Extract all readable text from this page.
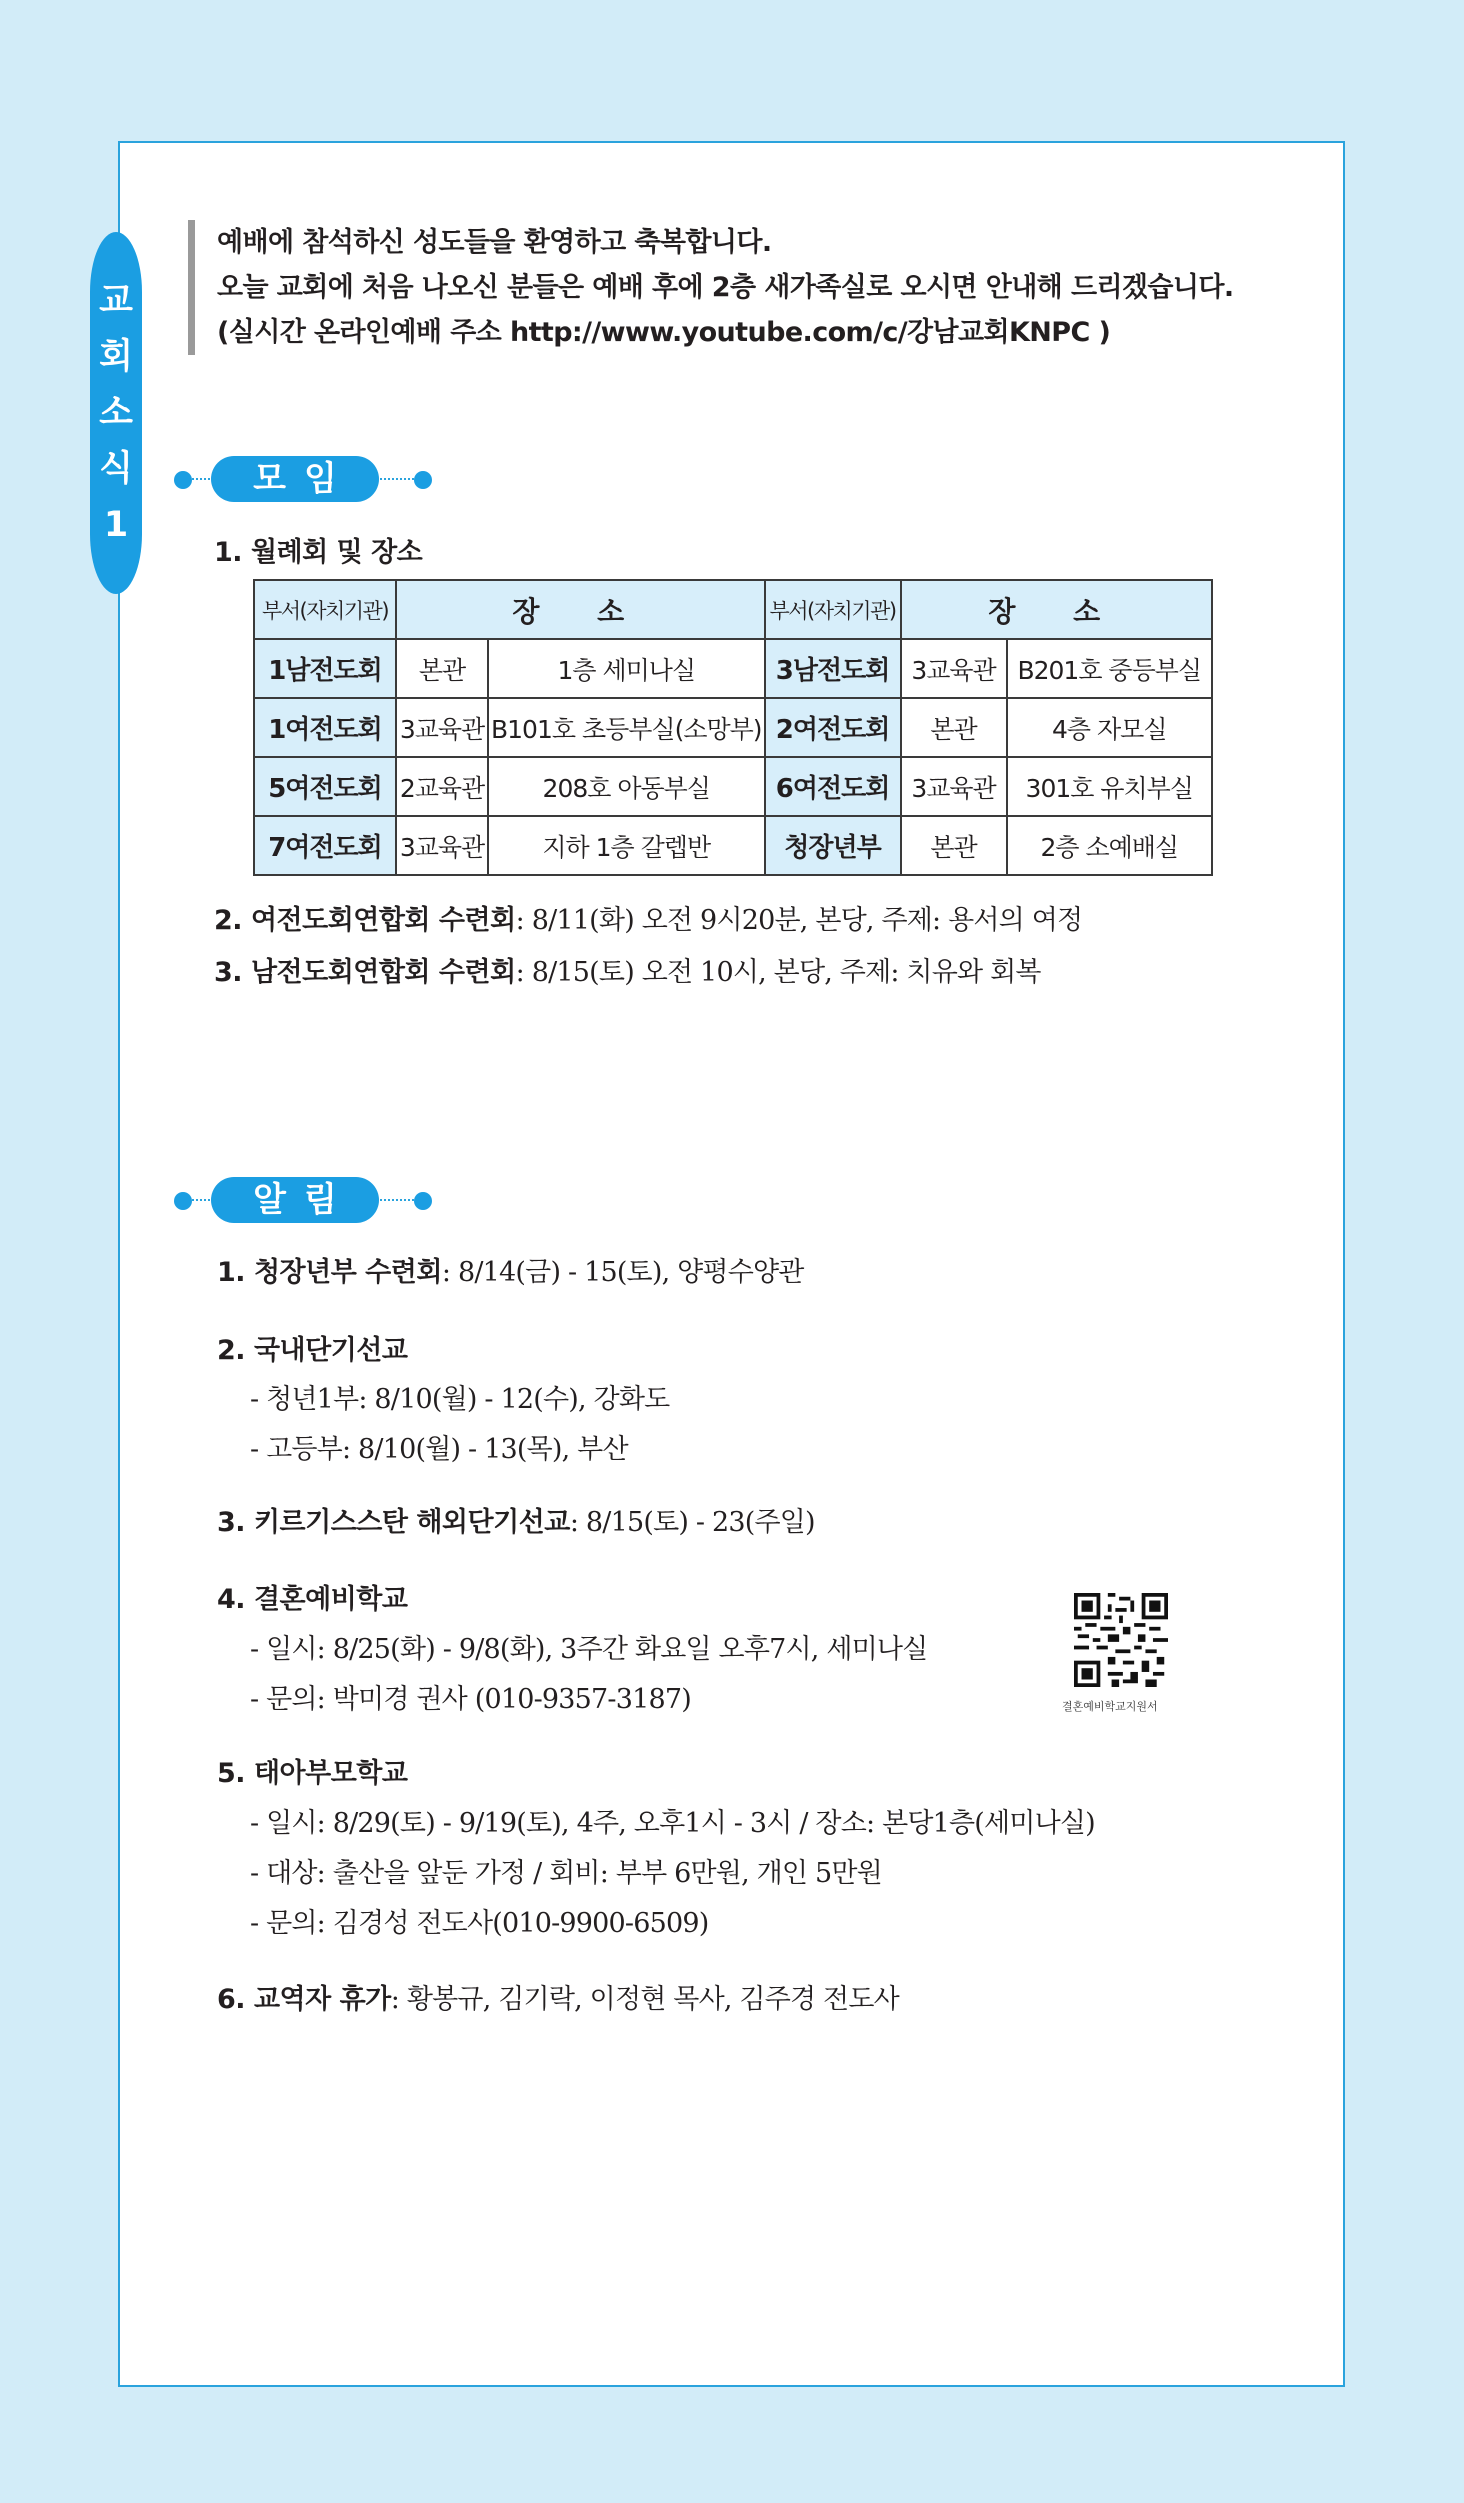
교
회
소
식
1
예배에 참석하신 성도들을 환영하고 축복합니다.
오늘 교회에 처음 나오신 분들은 예배 후에 2층 새가족실로 오시면 안내해 드리겠습니다.
(실시간 온라인예배 주소 http://www.youtube.com/c/강남교회KNPC )
모임
1. 월례회 및 장소
부서(자치기관)	장 소		부서(자치기관)	장 소	
1남전도회	본관	1층 세미나실	3남전도회	3교육관	B201호 중등부실
1여전도회	3교육관	B101호 초등부실(소망부)	2여전도회	본관	4층 자모실
5여전도회	2교육관	208호 아동부실	6여전도회	3교육관	301호 유치부실
7여전도회	3교육관	지하 1층 갈렙반	청장년부	본관	2층 소예배실
2. 여전도회연합회 수련회: 8/11(화) 오전 9시20분, 본당, 주제: 용서의 여정
3. 남전도회연합회 수련회: 8/15(토) 오전 10시, 본당, 주제: 치유와 회복
알림
1. 청장년부 수련회: 8/14(금) - 15(토), 양평수양관
2. 국내단기선교
- 청년1부: 8/10(월) - 12(수), 강화도
- 고등부: 8/10(월) - 13(목), 부산
3. 키르기스스탄 해외단기선교: 8/15(토) - 23(주일)
4. 결혼예비학교
- 일시: 8/25(화) - 9/8(화), 3주간 화요일 오후7시, 세미나실
- 문의: 박미경 권사 (010-9357-3187)	결혼예비학교지원서
5. 태아부모학교
- 일시: 8/29(토) - 9/19(토), 4주, 오후1시 - 3시 / 장소: 본당1층(세미나실)
- 대상: 출산을 앞둔 가정 / 회비: 부부 6만원, 개인 5만원
- 문의: 김경성 전도사(010-9900-6509)
6. 교역자 휴가: 황봉규, 김기락, 이정현 목사, 김주경 전도사
